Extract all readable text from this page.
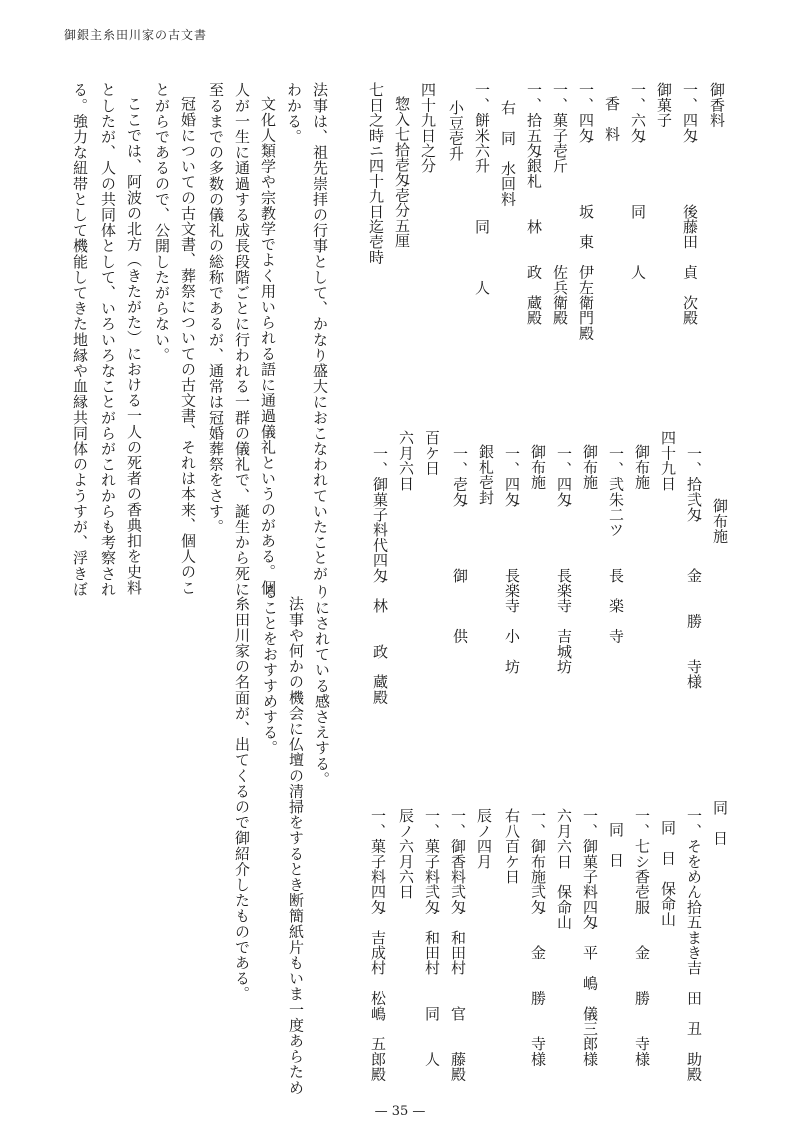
御銀主糸田川家の古文書
御香料
一、四匁　　　　後藤田　貞　次殿
御菓子
一、六匁　　　　同　　　人
香　料
一、四匁　　　　坂　東　伊左衛門殿
一、菓子壱斤　　　　　　佐兵衛殿
一、拾五匁銀札　　林　　政　蔵殿
右　同　水回料
一、餅米六升　　　同　　　人
小豆壱升
四十九日之分
惣入七拾壱匁壱分五厘
七日之時ニ四十九日迄壱時
法事は、祖先崇拝の行事として、かなり盛大におこなわれていたことが
わかる。
文化人類学や宗教学でよく用いられる語に通過儀礼というのがある。個
人が一生に通過する成長段階ごとに行われる一群の儀礼で、誕生から死に
至るまでの多数の儀礼の総称であるが、通常は冠婚葬祭をさす。
冠婚についての古文書、葬祭についての古文書、それは本来、個人のこ
とがらであるので、公開したがらない。
ここでは、阿波の北方（きたがた）における一人の死者の香典扣を史料
としたが、人の共同体として、いろいろなことがらがこれからも考察され
る。強力な紐帯として機能してきた地縁や血縁共同体のようすが、浮きぼ	御布施
一、拾弐匁　　　金　　勝　　寺様
四十九日
御布施
一、弐朱二ツ　　長　楽　寺
御布施
一、四匁　　　　長楽寺　吉城坊
御布施
一、四匁　　　　長楽寺　小　坊
銀札壱封
一、壱匁　　　　御　　　供
百ケ日
六月六日
一、御菓子料代四匁　林　　政　蔵殿
りにされている感さえする。
法事や何かの機会に仏壇の清掃をするとき断簡紙片もいま一度あらため
ることをおすすめする。
糸田川家の名面が、出てくるので御紹介したものである。	同　日
一、そをめん拾五まき吉　田　丑　助殿
同　日　保命山
一、七シ香壱服　　金　　勝　　寺様
同　日
一、御菓子料四匁　平　嶋　儀三郎様
六月六日　保命山
一、御布施弐匁　　金　　勝　　寺様
右八百ケ日
辰ノ四月
一、御香料弐匁　和田村　　官　　藤殿
一、菓子料弐匁　和田村　　同　　人
辰ノ六月六日
一、菓子料四匁　吉成村　松嶋　五郎殿
— 35 —
